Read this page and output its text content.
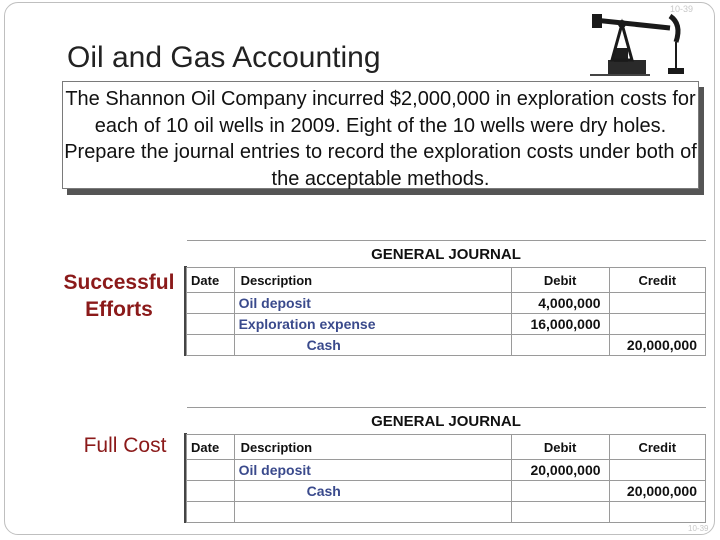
10-39
Oil and Gas Accounting
The Shannon Oil Company incurred $2,000,000 in exploration costs for each of 10 oil wells in 2009. Eight of the 10 wells were dry holes. Prepare the journal entries to record the exploration costs under both of the acceptable methods.
Successful Efforts
Full Cost
GENERAL JOURNAL			
Date	Description	Debit	Credit
	Oil deposit	4,000,000	
	Exploration expense	16,000,000	
	Cash		20,000,000
GENERAL JOURNAL			
Date	Description	Debit	Credit
	Oil deposit	20,000,000	
	Cash		20,000,000

10-39
